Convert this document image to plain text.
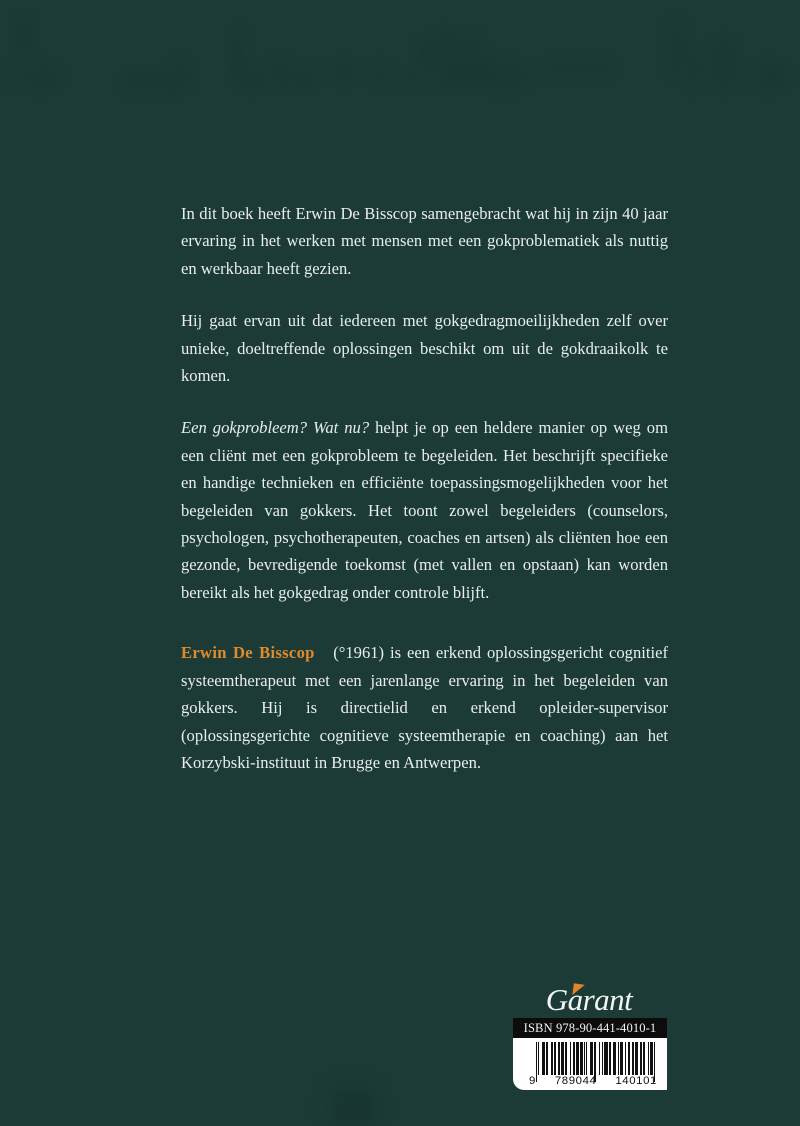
In dit boek heeft Erwin De Bisscop samengebracht wat hij in zijn 40 jaar ervaring in het werken met mensen met een gokproblematiek als nuttig en werkbaar heeft gezien.

Hij gaat ervan uit dat iedereen met gokgedragmoeilijkheden zelf over unieke, doeltreffende oplossingen beschikt om uit de gokdraaikolk te komen.

Een gokprobleem? Wat nu? helpt je op een heldere manier op weg om een cliënt met een gokprobleem te begeleiden. Het beschrijft specifieke en handige technieken en efficiënte toepassingsmogelijkheden voor het begeleiden van gokkers. Het toont zowel begeleiders (counselors, psychologen, psychotherapeuten, coaches en artsen) als cliënten hoe een gezonde, bevredigende toekomst (met vallen en opstaan) kan worden bereikt als het gokgedrag onder controle blijft.

Erwin De Bisscop (°1961) is een erkend oplossingsgericht cognitief systeemtherapeut met een jarenlange ervaring in het begeleiden van gokkers. Hij is directielid en erkend opleider-supervisor (oplossingsgerichte cognitieve systeemtherapie en coaching) aan het Korzybski-instituut in Brugge en Antwerpen.

Garant
ISBN 978-90-441-4010-1
9 789044 140101
